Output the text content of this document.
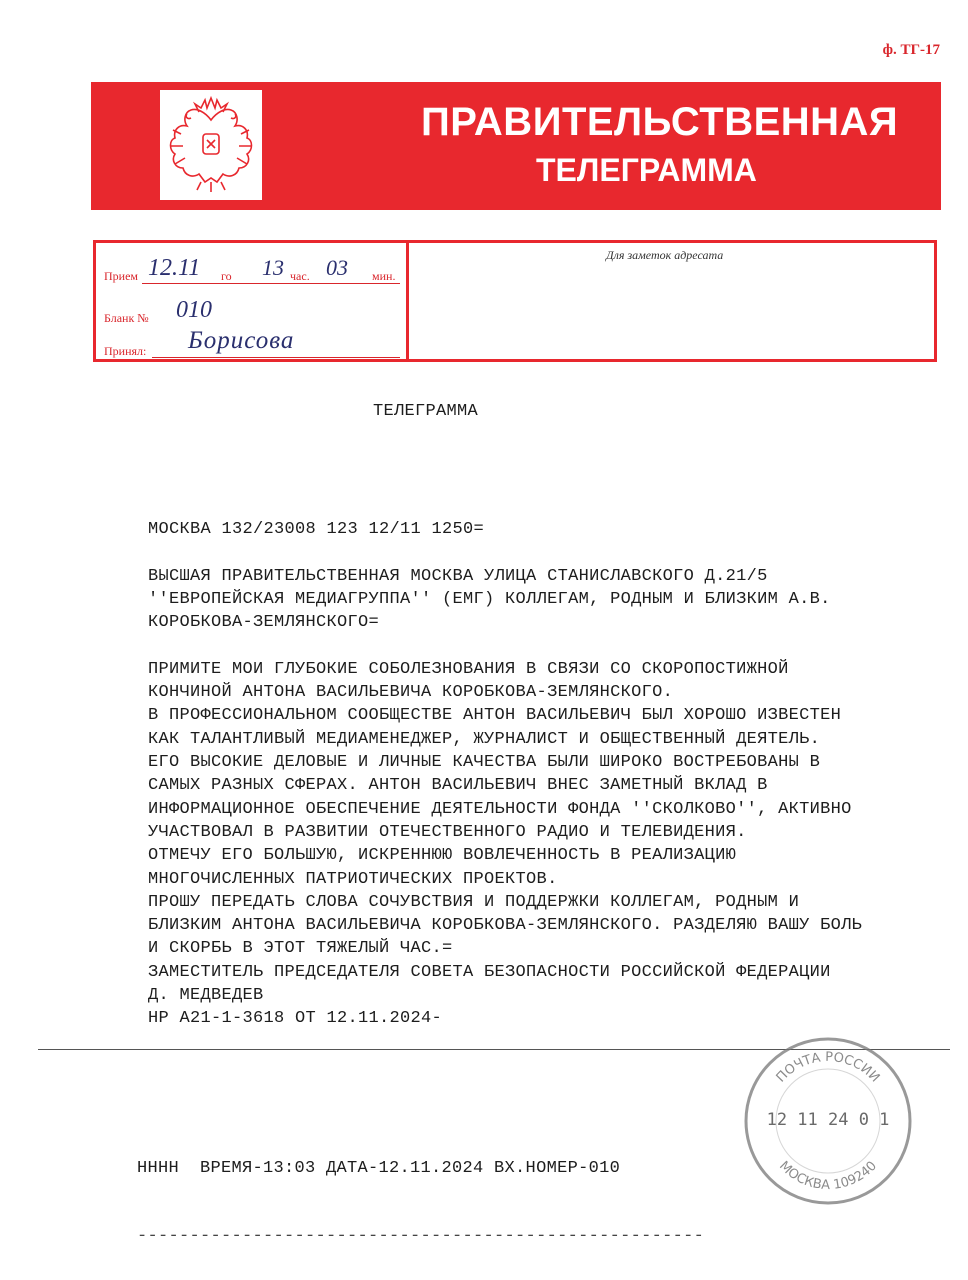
ф. ТГ-17
ПРАВИТЕЛЬСТВЕННАЯ
ТЕЛЕГРАММА
Прием 12.11 го 13 час. 03 мин.
Бланк № 010
Принял: Борисова
Для заметок адресата
ТЕЛЕГРАММА
МОСКВА 132/23008 123 12/11 1250=
ВЫСШАЯ ПРАВИТЕЛЬСТВЕННАЯ МОСКВА УЛИЦА СТАНИСЛАВСКОГО Д.21/5
''ЕВРОПЕЙСКАЯ МЕДИАГРУППА'' (ЕМГ) КОЛЛЕГАМ, РОДНЫМ И БЛИЗКИМ А.В.
КОРОБКОВА-ЗЕМЛЯНСКОГО=
ПРИМИТЕ МОИ ГЛУБОКИЕ СОБОЛЕЗНОВАНИЯ В СВЯЗИ СО СКОРОПОСТИЖНОЙ
КОНЧИНОЙ АНТОНА ВАСИЛЬЕВИЧА КОРОБКОВА-ЗЕМЛЯНСКОГО.
В ПРОФЕССИОНАЛЬНОМ СООБЩЕСТВЕ АНТОН ВАСИЛЬЕВИЧ БЫЛ ХОРОШО ИЗВЕСТЕН
КАК ТАЛАНТЛИВЫЙ МЕДИАМЕНЕДЖЕР, ЖУРНАЛИСТ И ОБЩЕСТВЕННЫЙ ДЕЯТЕЛЬ.
ЕГО ВЫСОКИЕ ДЕЛОВЫЕ И ЛИЧНЫЕ КАЧЕСТВА БЫЛИ ШИРОКО ВОСТРЕБОВАНЫ В
САМЫХ РАЗНЫХ СФЕРАХ. АНТОН ВАСИЛЬЕВИЧ ВНЕС ЗАМЕТНЫЙ ВКЛАД В
ИНФОРМАЦИОННОЕ ОБЕСПЕЧЕНИЕ ДЕЯТЕЛЬНОСТИ ФОНДА ''СКОЛКОВО'', АКТИВНО
УЧАСТВОВАЛ В РАЗВИТИИ ОТЕЧЕСТВЕННОГО РАДИО И ТЕЛЕВИДЕНИЯ.
ОТМЕЧУ ЕГО БОЛЬШУЮ, ИСКРЕННЮЮ ВОВЛЕЧЕННОСТЬ В РЕАЛИЗАЦИЮ
МНОГОЧИСЛЕННЫХ ПАТРИОТИЧЕСКИХ ПРОЕКТОВ.
ПРОШУ ПЕРЕДАТЬ СЛОВА СОЧУВСТВИЯ И ПОДДЕРЖКИ КОЛЛЕГАМ, РОДНЫМ И
БЛИЗКИМ АНТОНА ВАСИЛЬЕВИЧА КОРОБКОВА-ЗЕМЛЯНСКОГО. РАЗДЕЛЯЮ ВАШУ БОЛЬ
И СКОРБЬ В ЭТОТ ТЯЖЕЛЫЙ ЧАС.=
ЗАМЕСТИТЕЛЬ ПРЕДСЕДАТЕЛЯ СОВЕТА БЕЗОПАСНОСТИ РОССИЙСКОЙ ФЕДЕРАЦИИ
Д. МЕДВЕДЕВ
НР А21-1-3618 ОТ 12.11.2024-
ПОЧТА РОССИИ
12 11 24 0 1
МОСКВА 109240
НННН  ВРЕМЯ-13:03 ДАТА-12.11.2024 ВХ.НОМЕР-010
------------------------------------------------------
